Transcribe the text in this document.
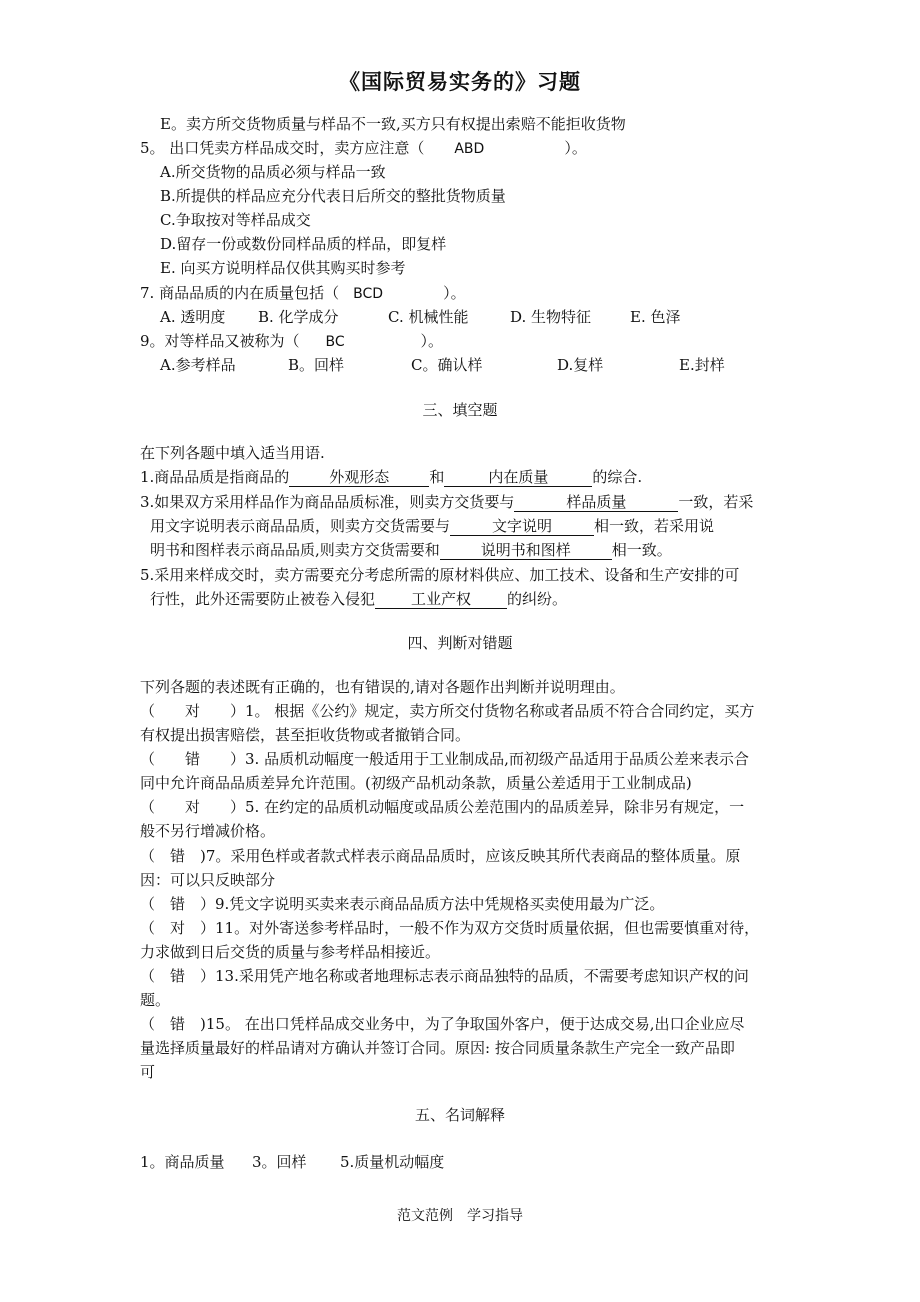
《国际贸易实务的》习题
E。卖方所交货物质量与样品不一致,买方只有权提出索赔不能拒收货物
5。 出口凭卖方样品成交时，卖方应注意（ ABD	）。
A.所交货物的品质必须与样品一致
B.所提供的样品应充分代表日后所交的整批货物质量
C.争取按对等样品成交
D.留存一份或数份同样品质的样品，即复样
E. 向买方说明样品仅供其购买时参考
7. 商品品质的内在质量包括（ BCD	）。
A. 透明度 B. 化学成分	C. 机械性能	D. 生物特征	E. 色泽
9。对等样品又被称为（ BC	）。
A.参考样品	B。回样	C。确认样	D.复样	E.封样
三、填空题
在下列各题中填入适当用语.
1.商品品质是指商品的	外观形态	和	内在质量	的综合.
3.如果双方采用样品作为商品品质标准，则卖方交货要与	样品质量	一致，若采
用文字说明表示商品品质，则卖方交货需要与	文字说明	相一致，若采用说
明书和图样表示商品品质,则卖方交货需要和	说明书和图样	相一致。
5.采用来样成交时，卖方需要充分考虑所需的原材料供应、加工技术、设备和生产安排的可
行性，此外还需要防止被卷入侵犯 工业产权 的纠纷。
四、判断对错题
下列各题的表述既有正确的，也有错误的,请对各题作出判断并说明理由。
（　　对　　）1。 根据《公约》规定，卖方所交付货物名称或者品质不符合合同约定，买方
有权提出损害赔偿，甚至拒收货物或者撤销合同。
（　　错　　）3. 品质机动幅度一般适用于工业制成品,而初级产品适用于品质公差来表示合
同中允许商品品质差异允许范围。(初级产品机动条款，质量公差适用于工业制成品)
（　　对　　）5. 在约定的品质机动幅度或品质公差范围内的品质差异，除非另有规定，一
般不另行增减价格。
（　错　)7。采用色样或者款式样表示商品品质时，应该反映其所代表商品的整体质量。原
因：可以只反映部分
（　错　）9.凭文字说明买卖来表示商品品质方法中凭规格买卖使用最为广泛。
（　对　）11。对外寄送参考样品时，一般不作为双方交货时质量依据，但也需要慎重对待，
力求做到日后交货的质量与参考样品相接近。
（　错　）13.采用凭产地名称或者地理标志表示商品独特的品质，不需要考虑知识产权的问
题。
（　错　)15。 在出口凭样品成交业务中，为了争取国外客户，便于达成交易,出口企业应尽
量选择质量最好的样品请对方确认并签订合同。原因: 按合同质量条款生产完全一致产品即
可
五、名词解释
1。商品质量 3。回样 5.质量机动幅度
范文范例　学习指导
